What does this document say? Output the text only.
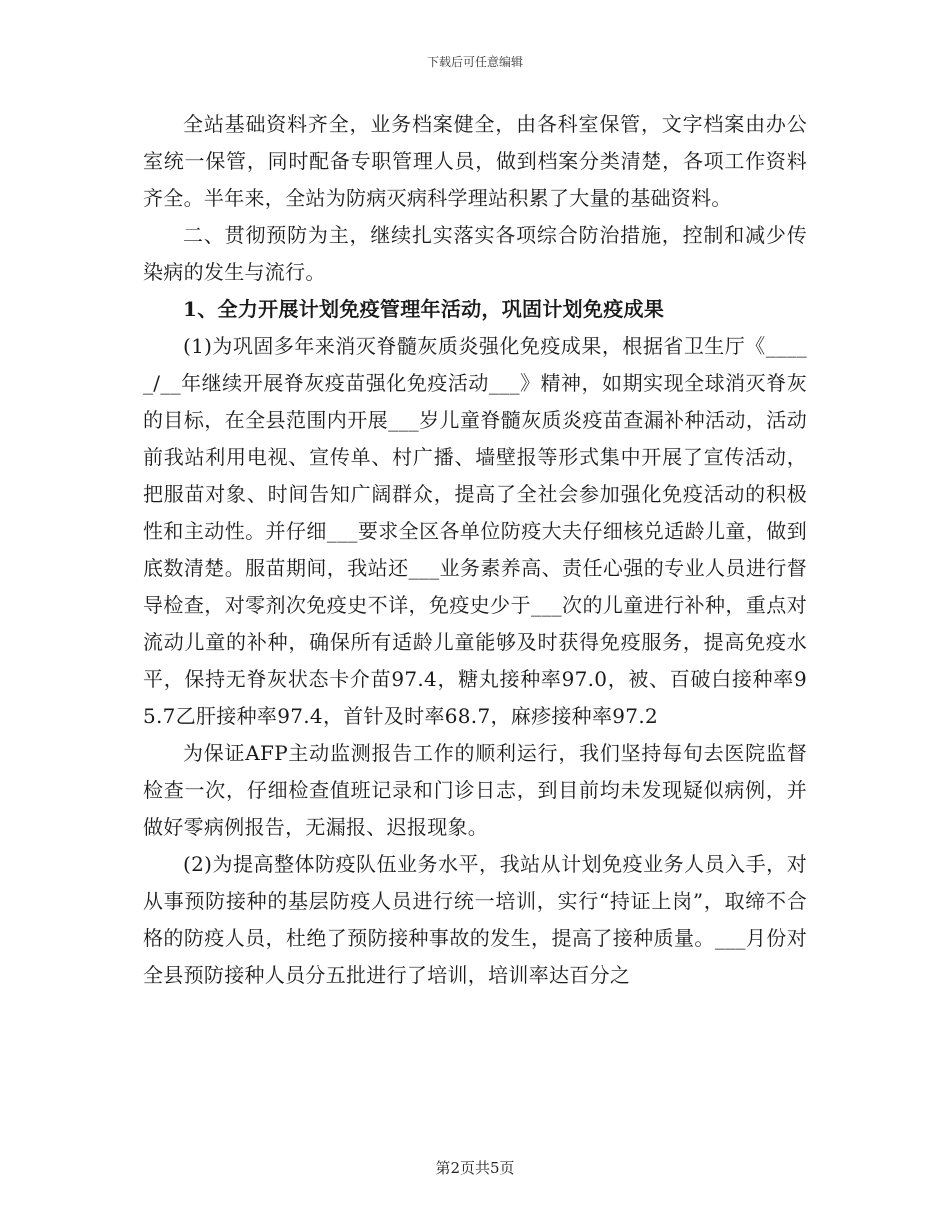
下载后可任意编辑

全站基础资料齐全，业务档案健全，由各科室保管，文字档案由办公室统一保管，同时配备专职管理人员，做到档案分类清楚，各项工作资料齐全。半年来，全站为防病灭病科学理站积累了大量的基础资料。

二、贯彻预防为主，继续扎实落实各项综合防治措施，控制和减少传染病的发生与流行。

1、全力开展计划免疫管理年活动，巩固计划免疫成果

(1)为巩固多年来消灭脊髓灰质炎强化免疫成果，根据省卫生厅《_____/__年继续开展脊灰疫苗强化免疫活动___》精神，如期实现全球消灭脊灰的目标，在全县范围内开展___岁儿童脊髓灰质炎疫苗查漏补种活动，活动前我站利用电视、宣传单、村广播、墙壁报等形式集中开展了宣传活动，把服苗对象、时间告知广阔群众，提高了全社会参加强化免疫活动的积极性和主动性。并仔细___要求全区各单位防疫大夫仔细核兑适龄儿童，做到底数清楚。服苗期间，我站还___业务素养高、责任心强的专业人员进行督导检查，对零剂次免疫史不详，免疫史少于___次的儿童进行补种，重点对流动儿童的补种，确保所有适龄儿童能够及时获得免疫服务，提高免疫水平，保持无脊灰状态卡介苗97.4，糖丸接种率97.0，被、百破白接种率95.7乙肝接种率97.4，首针及时率68.7，麻疹接种率97.2

为保证AFP主动监测报告工作的顺利运行，我们坚持每旬去医院监督检查一次，仔细检查值班记录和门诊日志，到目前均未发现疑似病例，并做好零病例报告，无漏报、迟报现象。

(2)为提高整体防疫队伍业务水平，我站从计划免疫业务人员入手，对从事预防接种的基层防疫人员进行统一培训，实行“持证上岗”，取缔不合格的防疫人员，杜绝了预防接种事故的发生，提高了接种质量。___月份对全县预防接种人员分五批进行了培训，培训率达百分之

第2页共5页
